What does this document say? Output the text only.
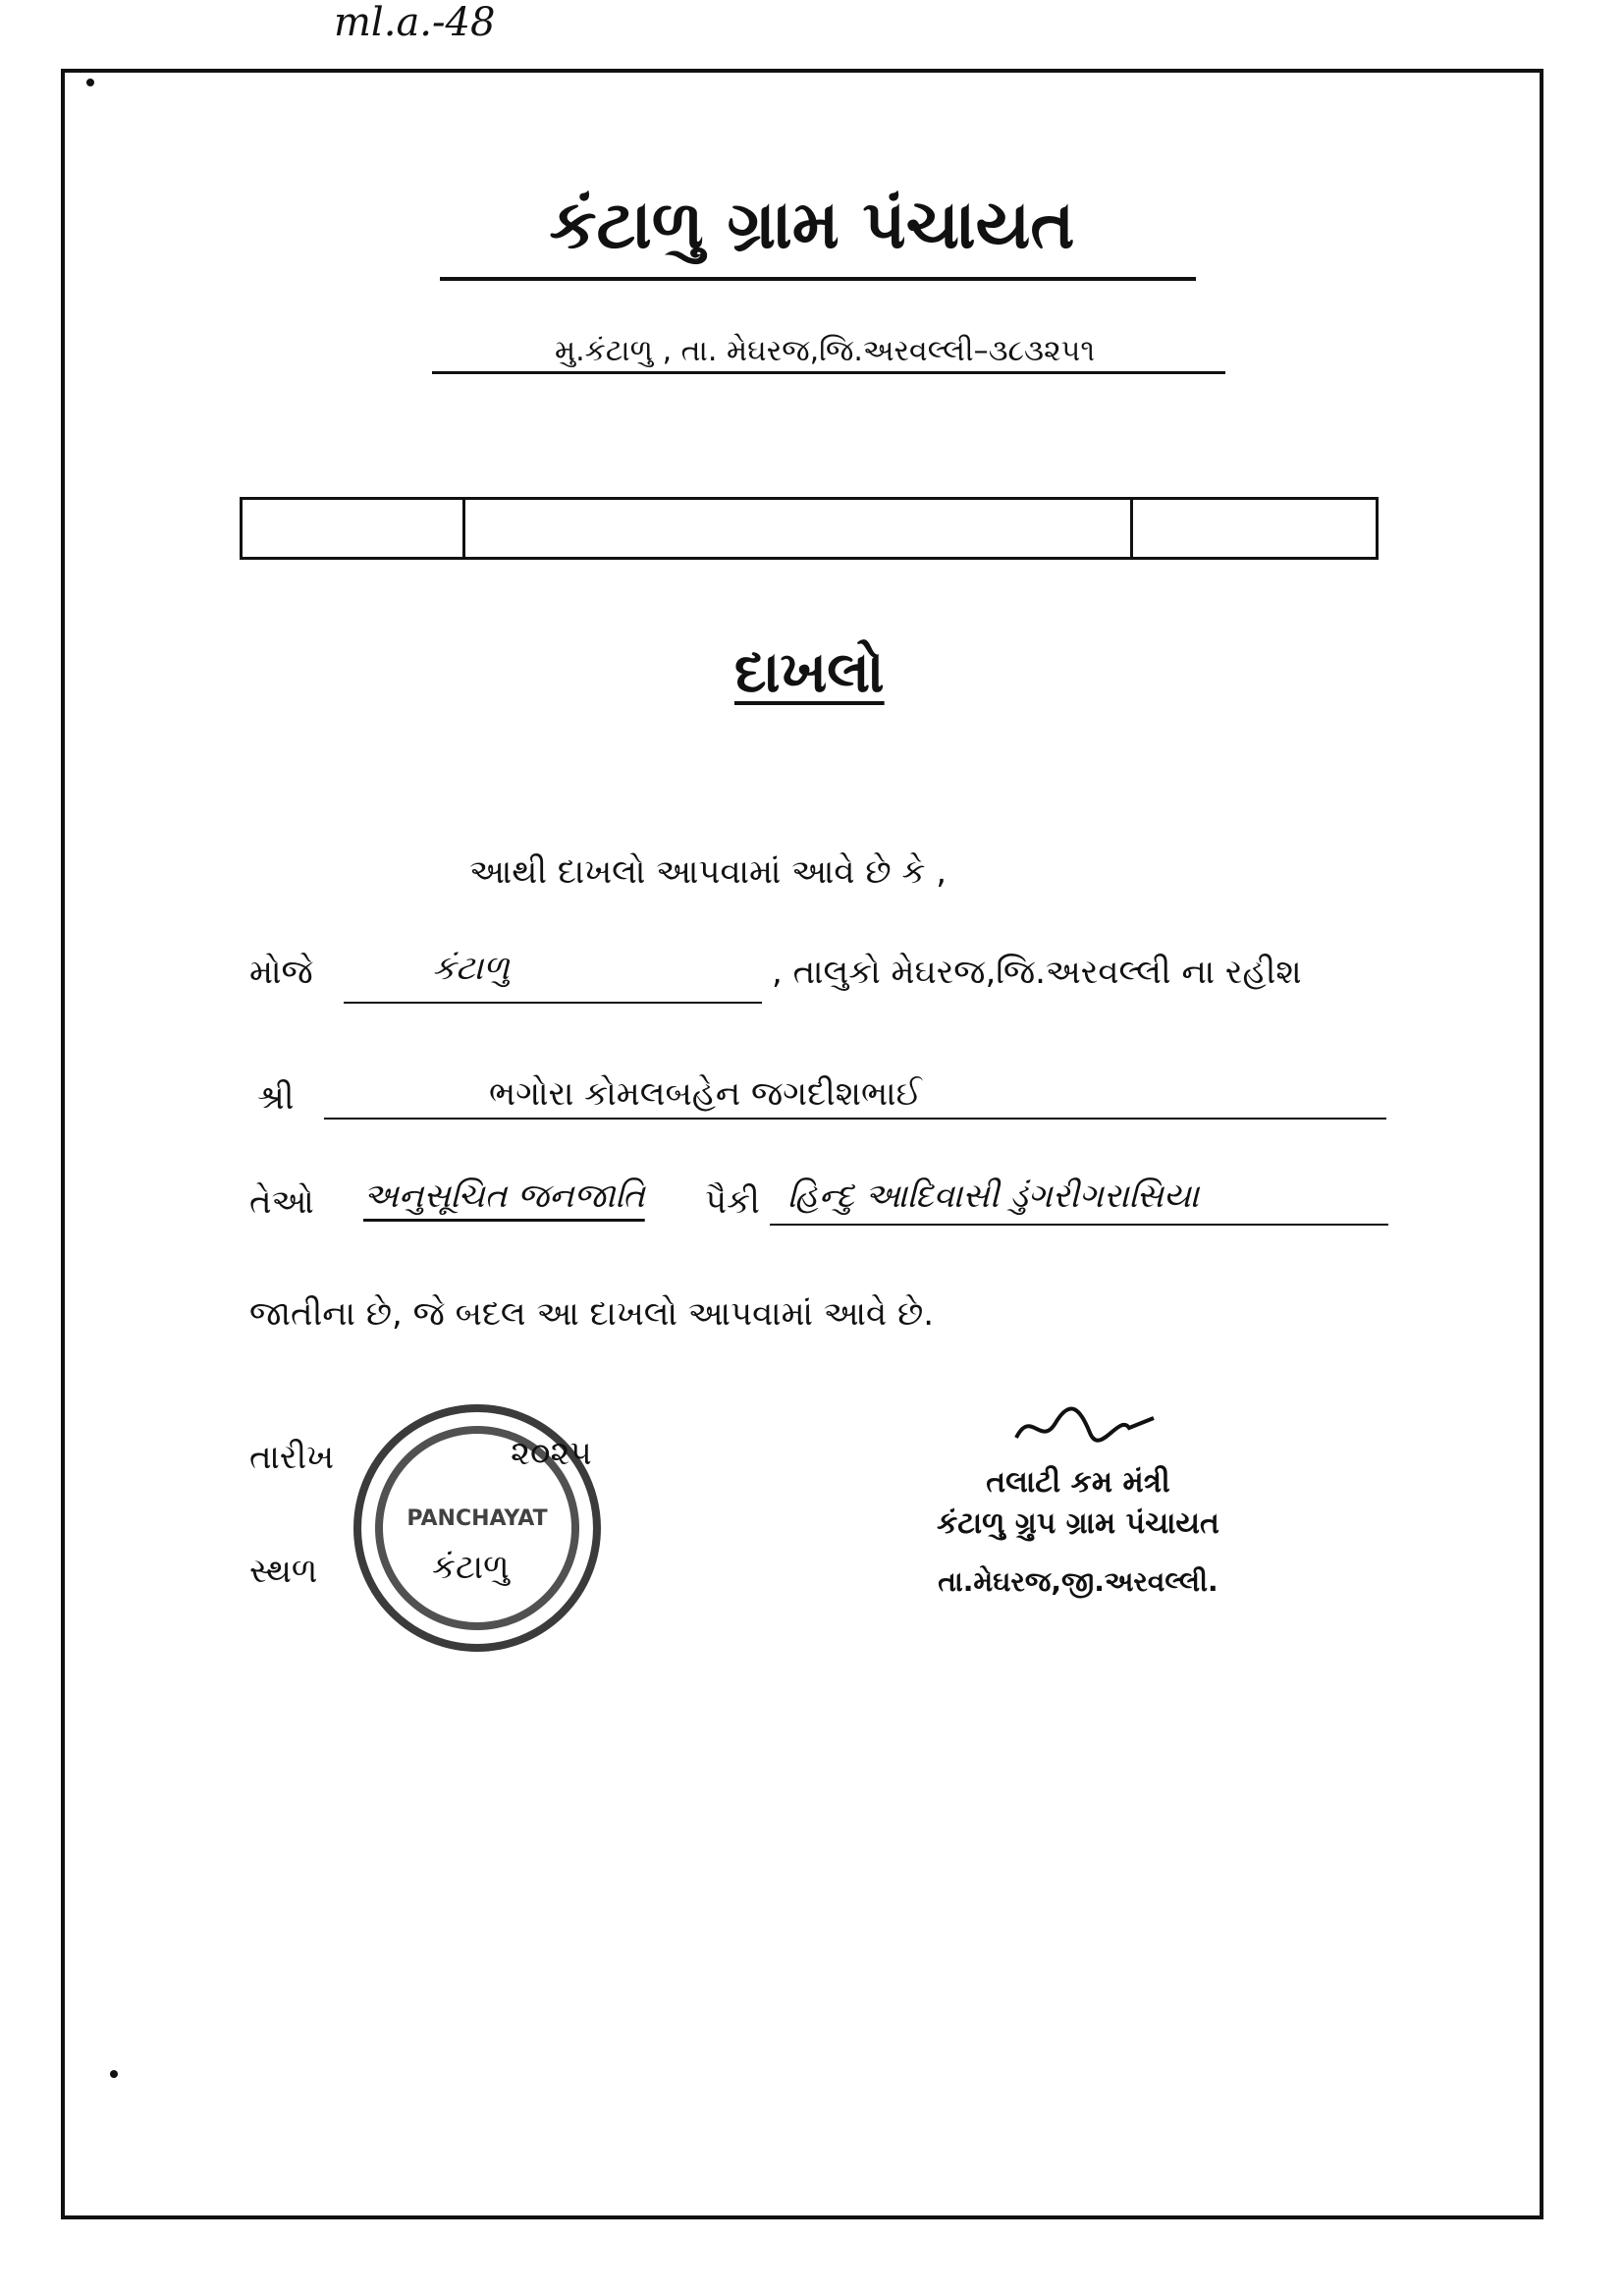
ml.a.-48
કંટાળુ ગ્રામ પંચાયત
મુ.કંટાળુ , તા. મેઘરજ,જિ.અરવલ્લી–૩૮૩૨૫૧
દાખલો
આથી દાખલો આપવામાં આવે છે કે ,
મોજે	કંટાળુ	, તાલુકો મેઘરજ,જિ.અરવલ્લી ના રહીશ
શ્રી	ભગોરા કોમલબહેન જગદીશભાઈ
તેઓ અનુસૂચિત જનજાતિ પૈકી હિન્દુ આદિવાસી ડુંગરીગરાસિયા
જાતીના છે, જે બદલ આ દાખલો આપવામાં આવે છે.
PANCHAYAT
તારીખ	૨૦૨૫
સ્થળ	કંટાળુ
તલાટી કમ મંત્રી
કંટાળુ ગ્રુપ ગ્રામ પંચાયત
તા.મેઘરજ,જી.અરવલ્લી.
